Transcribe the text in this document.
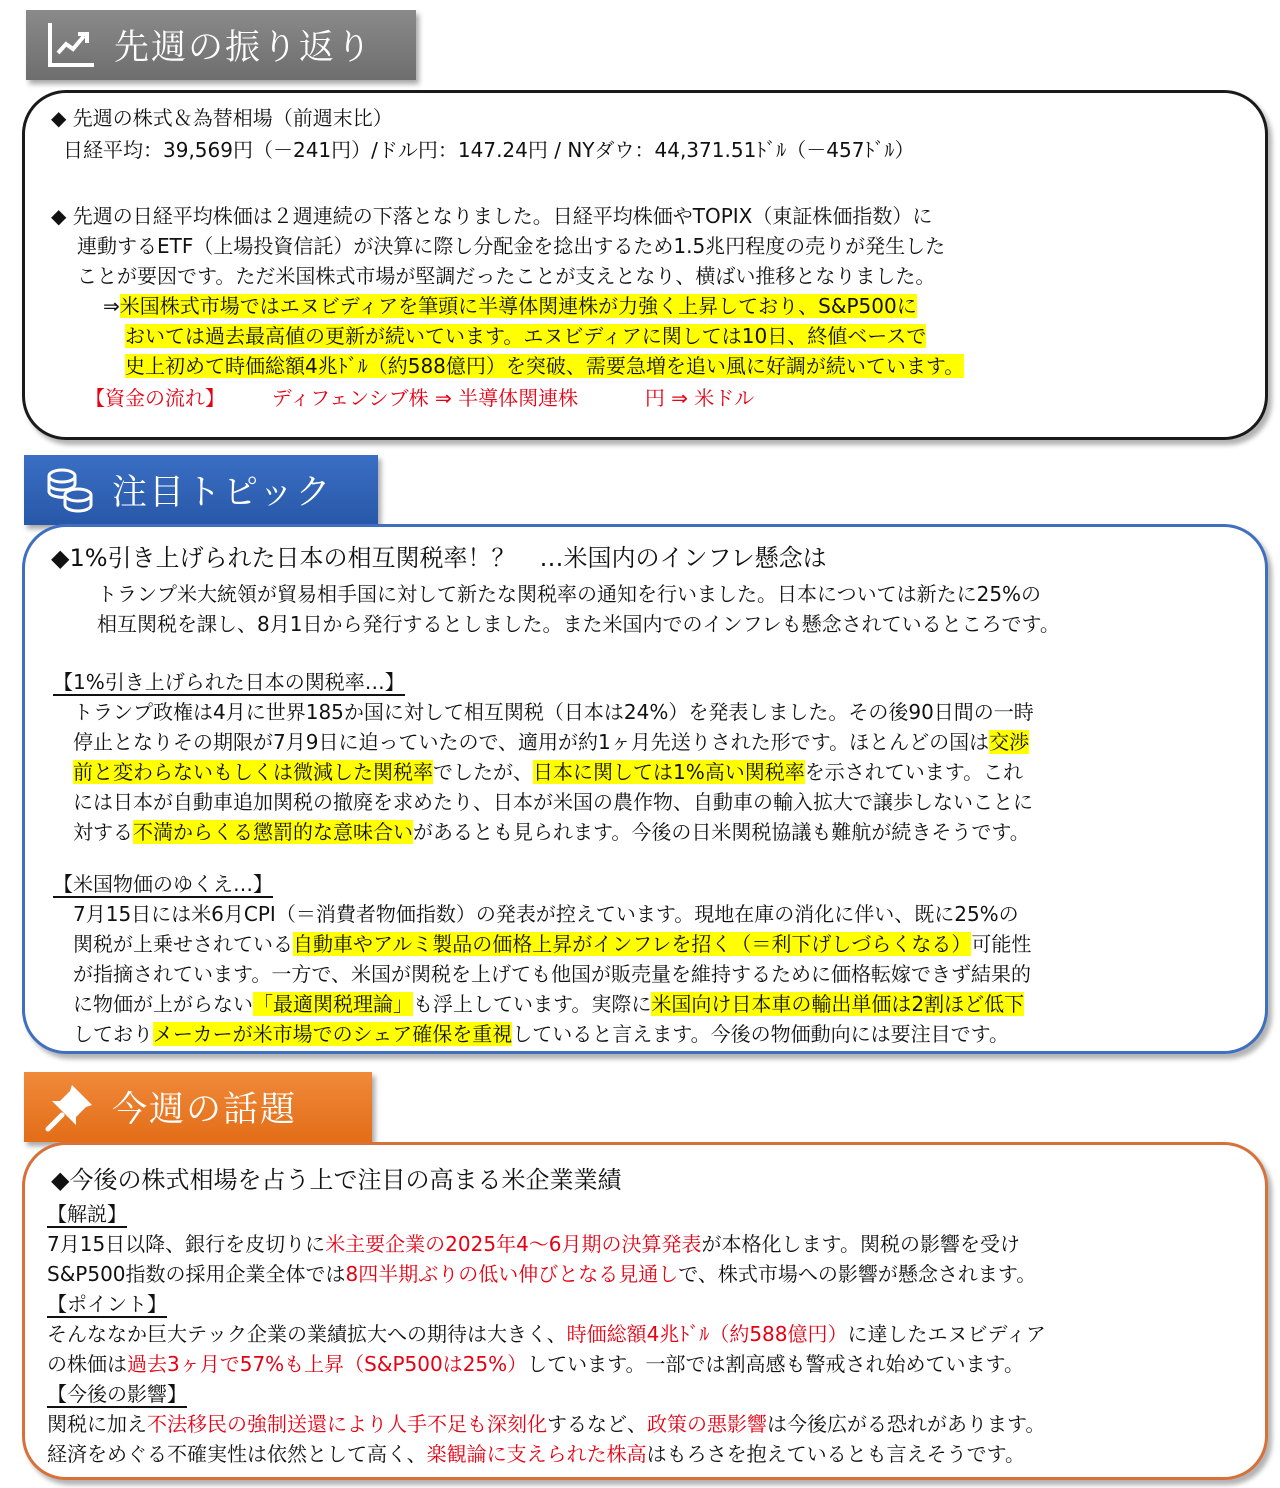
先週の振り返り
◆ 先週の株式＆為替相場（前週末比）
日経平均：39,569円（－241円）/ドル円：147.24円 / NYダウ：44,371.51ﾄﾞﾙ（－457ﾄﾞﾙ）
◆ 先週の日経平均株価は２週連続の下落となりました。日経平均株価やTOPIX（東証株価指数）に
連動するETF（上場投資信託）が決算に際し分配金を捻出するため1.5兆円程度の売りが発生した
ことが要因です。ただ米国株式市場が堅調だったことが支えとなり、横ばい推移となりました。
⇒米国株式市場ではエヌビディアを筆頭に半導体関連株が力強く上昇しており、S&P500に
おいては過去最高値の更新が続いています。エヌビディアに関しては10日、終値ベースで
史上初めて時価総額4兆ﾄﾞﾙ（約588億円）を突破、需要急増を追い風に好調が続いています。
【資金の流れ】 ディフェンシブ株 ⇒ 半導体関連株	円 ⇒ 米ドル
注目トピック
◆1%引き上げられた日本の相互関税率！？　…米国内のインフレ懸念は
トランプ米大統領が貿易相手国に対して新たな関税率の通知を行いました。日本については新たに25%の
相互関税を課し、8月1日から発行するとしました。また米国内でのインフレも懸念されているところです。
【1%引き上げられた日本の関税率…】
トランプ政権は4月に世界185か国に対して相互関税（日本は24%）を発表しました。その後90日間の一時
停止となりその期限が7月9日に迫っていたので、適用が約1ヶ月先送りされた形です。ほとんどの国は交渉
前と変わらないもしくは微減した関税率でしたが、日本に関しては1%高い関税率を示されています。これ
には日本が自動車追加関税の撤廃を求めたり、日本が米国の農作物、自動車の輸入拡大で譲歩しないことに
対する不満からくる懲罰的な意味合いがあるとも見られます。今後の日米関税協議も難航が続きそうです。
【米国物価のゆくえ…】
7月15日には米6月CPI（＝消費者物価指数）の発表が控えています。現地在庫の消化に伴い、既に25%の
関税が上乗せされている自動車やアルミ製品の価格上昇がインフレを招く（＝利下げしづらくなる）可能性
が指摘されています。一方で、米国が関税を上げても他国が販売量を維持するために価格転嫁できず結果的
に物価が上がらない「最適関税理論」も浮上しています。実際に米国向け日本車の輸出単価は2割ほど低下
しておりメーカーが米市場でのシェア確保を重視していると言えます。今後の物価動向には要注目です。
今週の話題
◆今後の株式相場を占う上で注目の高まる米企業業績
【解説】
7月15日以降、銀行を皮切りに米主要企業の2025年4～6月期の決算発表が本格化します。関税の影響を受け
S&P500指数の採用企業全体では8四半期ぶりの低い伸びとなる見通しで、株式市場への影響が懸念されます。
【ポイント】
そんななか巨大テック企業の業績拡大への期待は大きく、時価総額4兆ﾄﾞﾙ（約588億円）に達したエヌビディア
の株価は過去3ヶ月で57%も上昇（S&P500は25%）しています。一部では割高感も警戒され始めています。
【今後の影響】
関税に加え不法移民の強制送還により人手不足も深刻化するなど、政策の悪影響は今後広がる恐れがあります。
経済をめぐる不確実性は依然として高く、楽観論に支えられた株高はもろさを抱えているとも言えそうです。
